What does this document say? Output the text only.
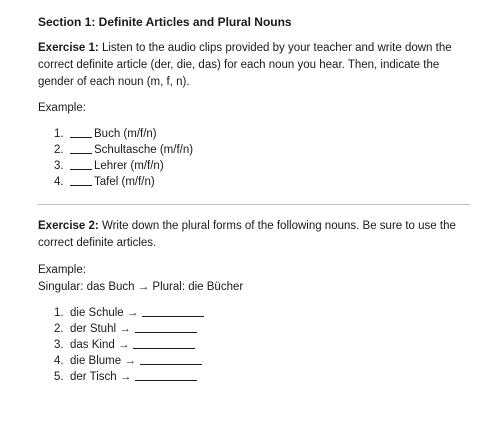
Section 1: Definite Articles and Plural Nouns

Exercise 1: Listen to the audio clips provided by your teacher and write down the correct definite article (der, die, das) for each noun you hear. Then, indicate the gender of each noun (m, f, n).

Example:

1.	Buch (m/f/n)
2.	Schultasche (m/f/n)
3.	Lehrer (m/f/n)
4.	Tafel (m/f/n)

Exercise 2: Write down the plural forms of the following nouns. Be sure to use the correct definite articles.

Example:

Singular: das Buch → Plural: die Bücher

1. die Schule →
2. der Stuhl →
3. das Kind →
4. die Blume →
5. der Tisch →
